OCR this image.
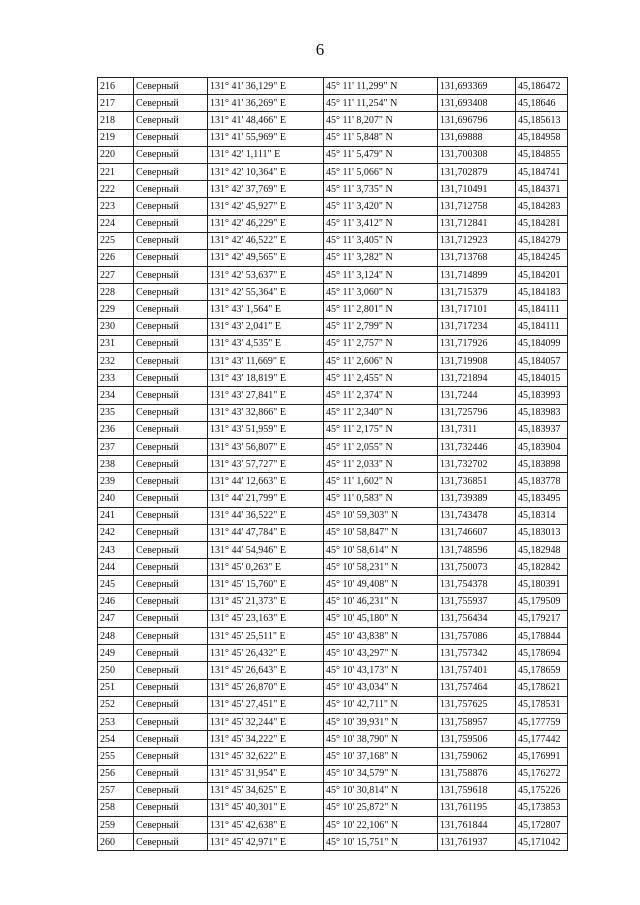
6
216	Северный	131° 41' 36,129" E	45° 11' 11,299" N	131,693369	45,186472
217	Северный	131° 41' 36,269" E	45° 11' 11,254" N	131,693408	45,18646
218	Северный	131° 41' 48,466" E	45° 11' 8,207" N	131,696796	45,185613
219	Северный	131° 41' 55,969" E	45° 11' 5,848" N	131,69888	45,184958
220	Северный	131° 42' 1,111" E	45° 11' 5,479" N	131,700308	45,184855
221	Северный	131° 42' 10,364" E	45° 11' 5,066" N	131,702879	45,184741
222	Северный	131° 42' 37,769" E	45° 11' 3,735" N	131,710491	45,184371
223	Северный	131° 42' 45,927" E	45° 11' 3,420" N	131,712758	45,184283
224	Северный	131° 42' 46,229" E	45° 11' 3,412" N	131,712841	45,184281
225	Северный	131° 42' 46,522" E	45° 11' 3,405" N	131,712923	45,184279
226	Северный	131° 42' 49,565" E	45° 11' 3,282" N	131,713768	45,184245
227	Северный	131° 42' 53,637" E	45° 11' 3,124" N	131,714899	45,184201
228	Северный	131° 42' 55,364" E	45° 11' 3,060" N	131,715379	45,184183
229	Северный	131° 43' 1,564" E	45° 11' 2,801" N	131,717101	45,184111
230	Северный	131° 43' 2,041" E	45° 11' 2,799" N	131,717234	45,184111
231	Северный	131° 43' 4,535" E	45° 11' 2,757" N	131,717926	45,184099
232	Северный	131° 43' 11,669" E	45° 11' 2,606" N	131,719908	45,184057
233	Северный	131° 43' 18,819" E	45° 11' 2,455" N	131,721894	45,184015
234	Северный	131° 43' 27,841" E	45° 11' 2,374" N	131,7244	45,183993
235	Северный	131° 43' 32,866" E	45° 11' 2,340" N	131,725796	45,183983
236	Северный	131° 43' 51,959" E	45° 11' 2,175" N	131,7311	45,183937
237	Северный	131° 43' 56,807" E	45° 11' 2,055" N	131,732446	45,183904
238	Северный	131° 43' 57,727" E	45° 11' 2,033" N	131,732702	45,183898
239	Северный	131° 44' 12,663" E	45° 11' 1,602" N	131,736851	45,183778
240	Северный	131° 44' 21,799" E	45° 11' 0,583" N	131,739389	45,183495
241	Северный	131° 44' 36,522" E	45° 10' 59,303" N	131,743478	45,18314
242	Северный	131° 44' 47,784" E	45° 10' 58,847" N	131,746607	45,183013
243	Северный	131° 44' 54,946" E	45° 10' 58,614" N	131,748596	45,182948
244	Северный	131° 45' 0,263" E	45° 10' 58,231" N	131,750073	45,182842
245	Северный	131° 45' 15,760" E	45° 10' 49,408" N	131,754378	45,180391
246	Северный	131° 45' 21,373" E	45° 10' 46,231" N	131,755937	45,179509
247	Северный	131° 45' 23,163" E	45° 10' 45,180" N	131,756434	45,179217
248	Северный	131° 45' 25,511" E	45° 10' 43,838" N	131,757086	45,178844
249	Северный	131° 45' 26,432" E	45° 10' 43,297" N	131,757342	45,178694
250	Северный	131° 45' 26,643" E	45° 10' 43,173" N	131,757401	45,178659
251	Северный	131° 45' 26,870" E	45° 10' 43,034" N	131,757464	45,178621
252	Северный	131° 45' 27,451" E	45° 10' 42,711" N	131,757625	45,178531
253	Северный	131° 45' 32,244" E	45° 10' 39,931" N	131,758957	45,177759
254	Северный	131° 45' 34,222" E	45° 10' 38,790" N	131,759506	45,177442
255	Северный	131° 45' 32,622" E	45° 10' 37,168" N	131,759062	45,176991
256	Северный	131° 45' 31,954" E	45° 10' 34,579" N	131,758876	45,176272
257	Северный	131° 45' 34,625" E	45° 10' 30,814" N	131,759618	45,175226
258	Северный	131° 45' 40,301" E	45° 10' 25,872" N	131,761195	45,173853
259	Северный	131° 45' 42,638" E	45° 10' 22,106" N	131,761844	45,172807
260	Северный	131° 45' 42,971" E	45° 10' 15,751" N	131,761937	45,171042
